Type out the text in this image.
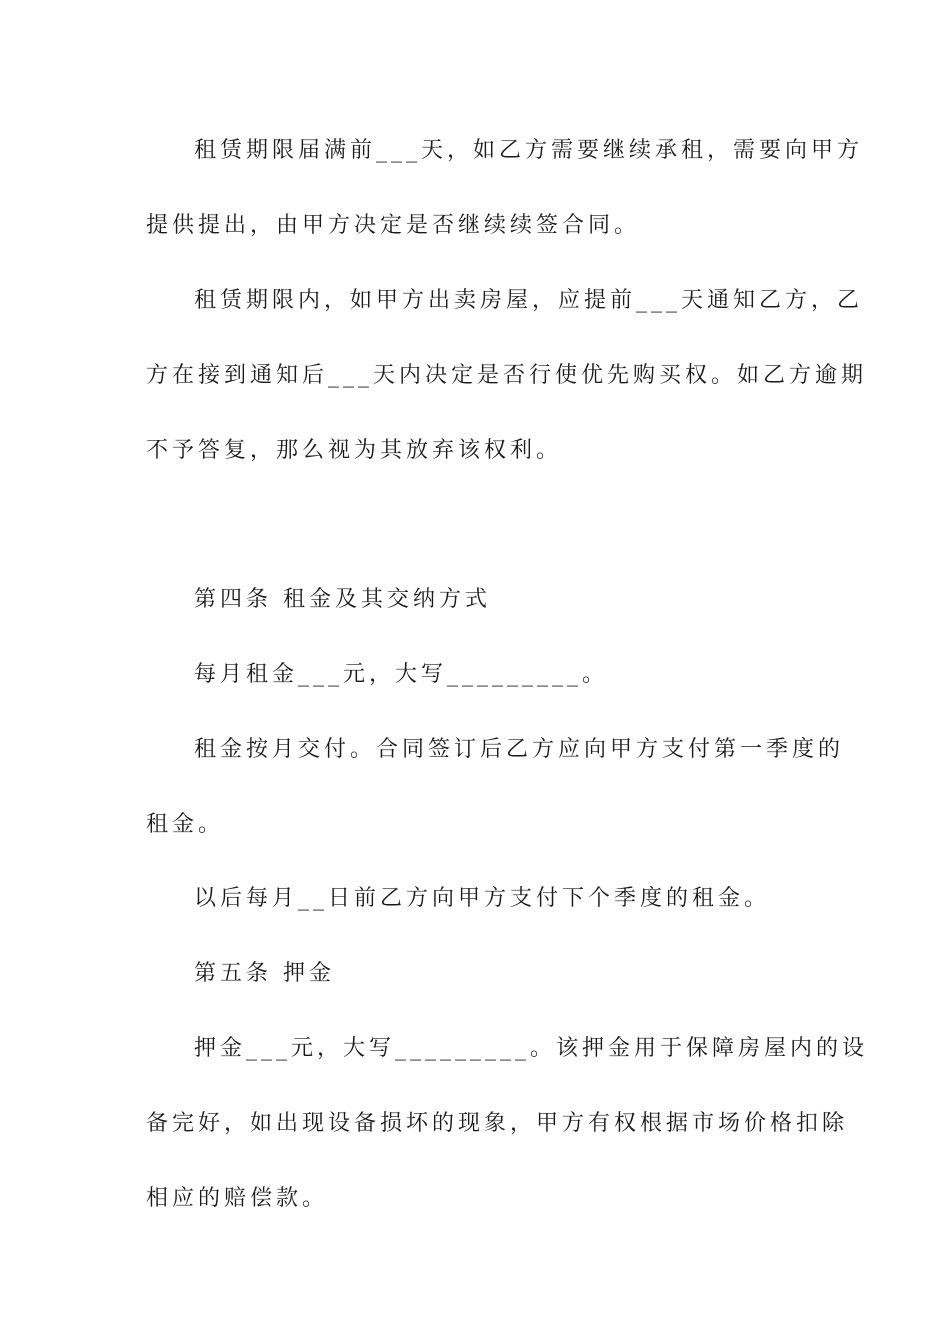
租赁期限届满前___天，如乙方需要继续承租，需要向甲方
提供提出，由甲方决定是否继续续签合同。
租赁期限内，如甲方出卖房屋，应提前___天通知乙方，乙
方在接到通知后___天内决定是否行使优先购买权。如乙方逾期
不予答复，那么视为其放弃该权利。
第四条 租金及其交纳方式
每月租金___元，大写_________。
租金按月交付。合同签订后乙方应向甲方支付第一季度的
租金。
以后每月__日前乙方向甲方支付下个季度的租金。
第五条 押金
押金___元，大写_________。该押金用于保障房屋内的设
备完好，如出现设备损坏的现象，甲方有权根据市场价格扣除
相应的赔偿款。
